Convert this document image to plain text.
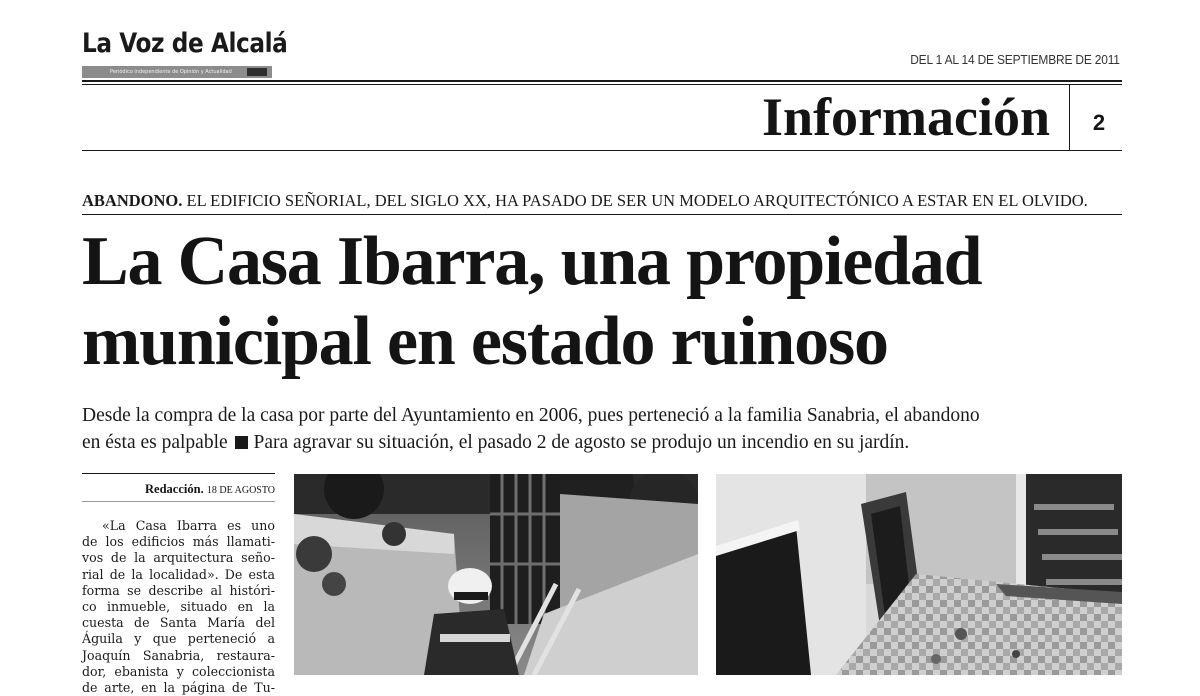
La Voz de Alcalá
Periódico independiente de Opinión y Actualidad
DEL 1 AL 14 DE SEPTIEMBRE DE 2011
Información	2
ABANDONO. EL EDIFICIO SEÑORIAL, DEL SIGLO XX, HA PASADO DE SER UN MODELO ARQUITECTÓNICO A ESTAR EN EL OLVIDO.
La Casa Ibarra, una propiedad
municipal en estado ruinoso
Desde la compra de la casa por parte del Ayuntamiento en 2006, pues perteneció a la familia Sanabria, el abandono
en ésta es palpable Para agravar su situación, el pasado 2 de agosto se produjo un incendio en su jardín.
Redacción. 18 DE AGOSTO
«La Casa Ibarra es uno
de los edificios más llamati-
vos de la arquitectura seño-
rial de la localidad». De esta
forma se describe al históri-
co inmueble, situado en la
cuesta de Santa María del
Águila y que perteneció a
Joaquín Sanabria, restaura-
dor, ebanista y coleccionista
de arte, en la página de Tu-
